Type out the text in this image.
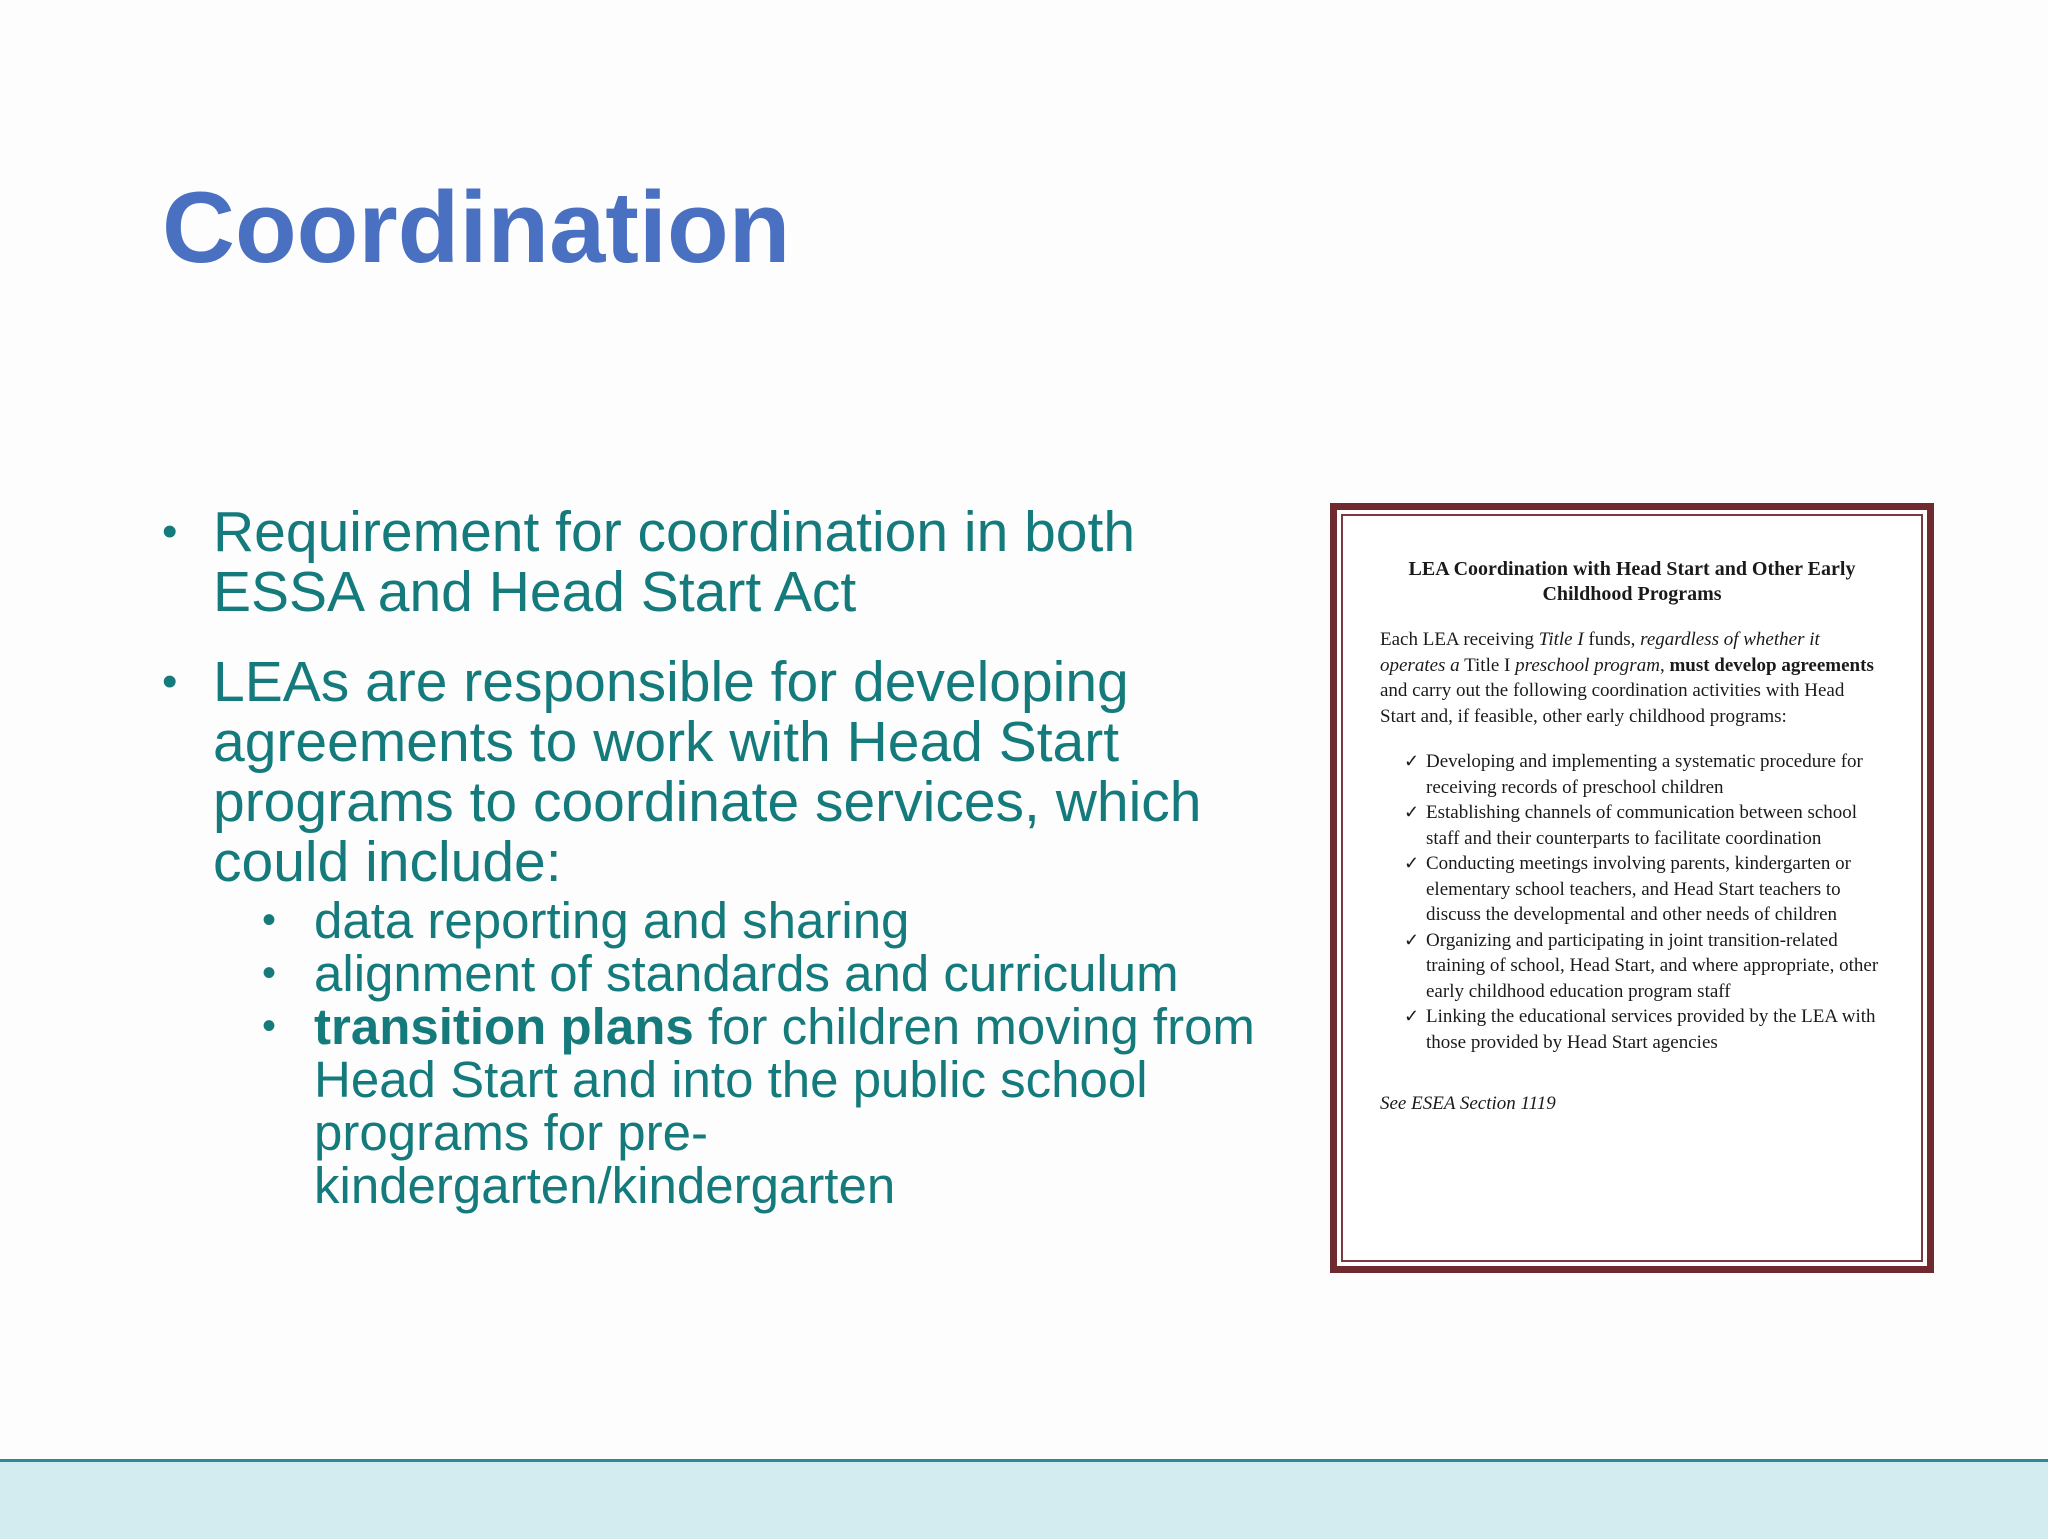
Coordination
• Requirement for coordination in both ESSA and Head Start Act
• LEAs are responsible for developing agreements to work with Head Start programs to coordinate services, which could include:
• data reporting and sharing
• alignment of standards and curriculum
• transition plans for children moving from Head Start and into the public school programs for pre-kindergarten/kindergarten
LEA Coordination with Head Start and Other Early Childhood Programs

Each LEA receiving Title I funds, regardless of whether it operates a Title I preschool program, must develop agreements and carry out the following coordination activities with Head Start and, if feasible, other early childhood programs:

✓ Developing and implementing a systematic procedure for receiving records of preschool children
✓ Establishing channels of communication between school staff and their counterparts to facilitate coordination
✓ Conducting meetings involving parents, kindergarten or elementary school teachers, and Head Start teachers to discuss the developmental and other needs of children
✓ Organizing and participating in joint transition-related training of school, Head Start, and where appropriate, other early childhood education program staff
✓ Linking the educational services provided by the LEA with those provided by Head Start agencies
See ESEA Section 1119
